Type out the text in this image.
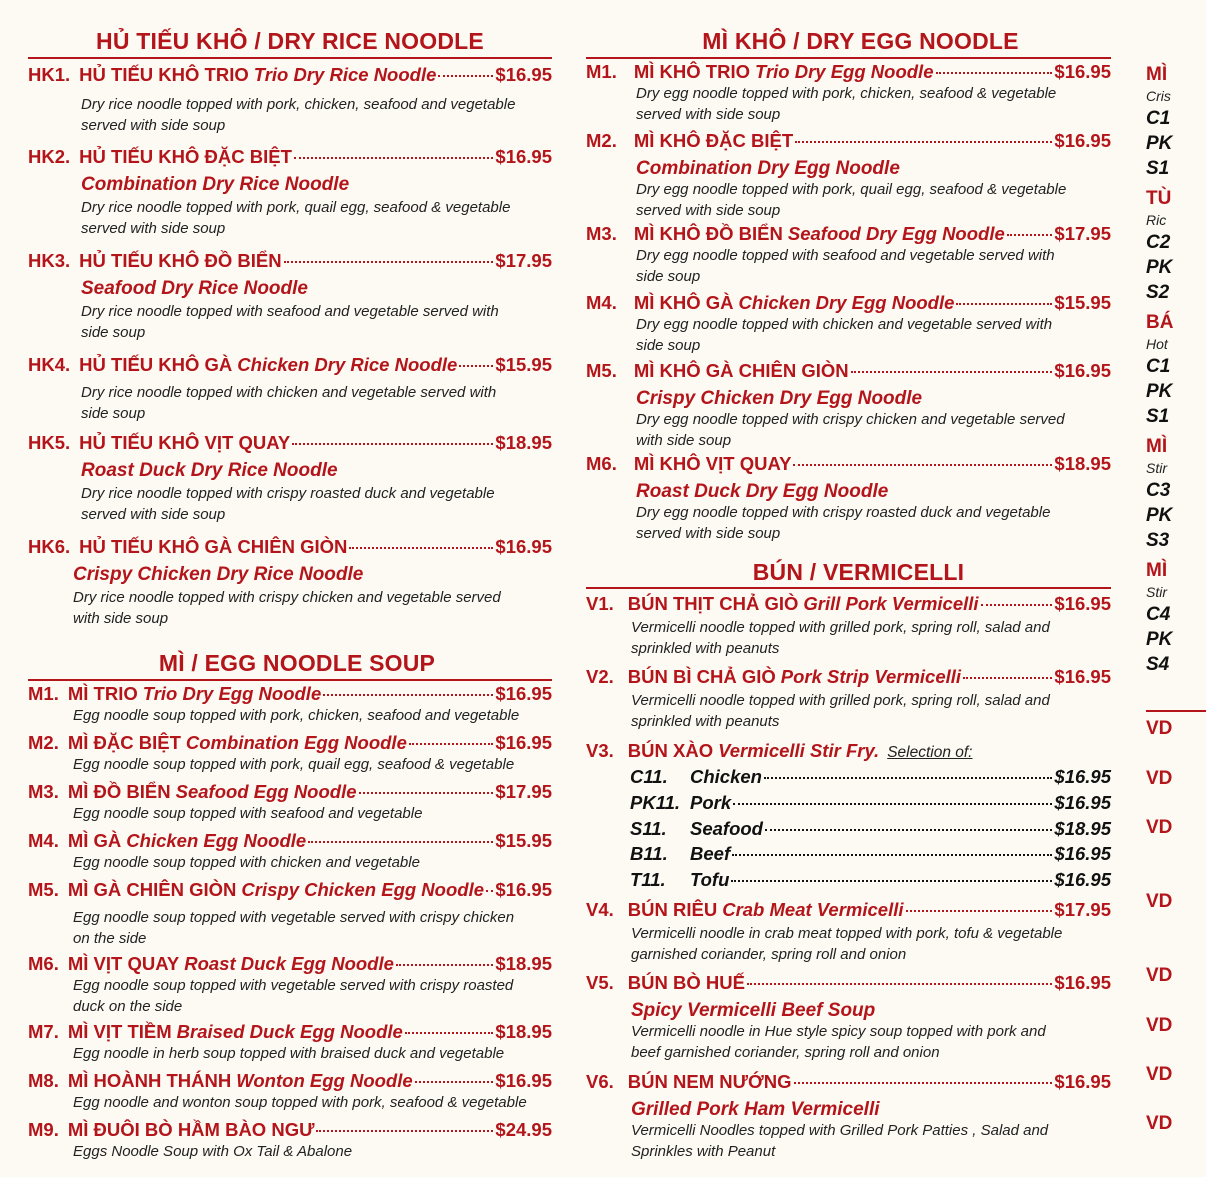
HỦ TIẾU KHÔ / DRY RICE NOODLE
HK1. HỦ TIẾU KHÔ TRIO Trio Dry Rice Noodle	$16.95
Dry rice noodle topped with pork, chicken, seafood and vegetable
served with side soup
HK2. HỦ TIẾU KHÔ ĐẶC BIỆT	$16.95
Combination Dry Rice Noodle
Dry rice noodle topped with pork, quail egg, seafood & vegetable
served with side soup
HK3. HỦ TIẾU KHÔ ĐỒ BIỂN	$17.95
Seafood Dry Rice Noodle
Dry rice noodle topped with seafood and vegetable served with
side soup
HK4. HỦ TIẾU KHÔ GÀ Chicken Dry Rice Noodle $15.95
Dry rice noodle topped with chicken and vegetable served with
side soup
HK5. HỦ TIẾU KHÔ VỊT QUAY	$18.95
Roast Duck Dry Rice Noodle
Dry rice noodle topped with crispy roasted duck and vegetable
served with side soup
HK6. HỦ TIẾU KHÔ GÀ CHIÊN GIÒN	$16.95
Crispy Chicken Dry Rice Noodle
Dry rice noodle topped with crispy chicken and vegetable served
with side soup
MÌ / EGG NOODLE SOUP
M1. MÌ TRIO Trio Dry Egg Noodle	$16.95
Egg noodle soup topped with pork, chicken, seafood and vegetable
M2. MÌ ĐẶC BIỆT Combination Egg Noodle	$16.95
Egg noodle soup topped with pork, quail egg, seafood & vegetable
M3. MÌ ĐỒ BIỂN Seafood Egg Noodle	$17.95
Egg noodle soup topped with seafood and vegetable
M4. MÌ GÀ Chicken Egg Noodle	$15.95
Egg noodle soup topped with chicken and vegetable
M5. MÌ GÀ CHIÊN GIÒN Crispy Chicken Egg Noodle $16.95
Egg noodle soup topped with vegetable served with crispy chicken
on the side
M6. MÌ VỊT QUAY Roast Duck Egg Noodle	$18.95
Egg noodle soup topped with vegetable served with crispy roasted
duck on the side
M7. MÌ VỊT TIỀM Braised Duck Egg Noodle	$18.95
Egg noodle in herb soup topped with braised duck and vegetable
M8. MÌ HOÀNH THÁNH Wonton Egg Noodle	$16.95
Egg noodle and wonton soup topped with pork, seafood & vegetable
M9. MÌ ĐUÔI BÒ HẦM BÀO NGƯ	$24.95
Eggs Noodle Soup with Ox Tail & Abalone
MÌ KHÔ / DRY EGG NOODLE
M1. MÌ KHÔ TRIO Trio Dry Egg Noodle	$16.95
Dry egg noodle topped with pork, chicken, seafood & vegetable
served with side soup
M2. MÌ KHÔ ĐẶC BIỆT	$16.95
Combination Dry Egg Noodle
Dry egg noodle topped with pork, quail egg, seafood & vegetable
served with side soup
M3. MÌ KHÔ ĐỒ BIỂN Seafood Dry Egg Noodle	$17.95
Dry egg noodle topped with seafood and vegetable served with
side soup
M4. MÌ KHÔ GÀ Chicken Dry Egg Noodle	$15.95
Dry egg noodle topped with chicken and vegetable served with
side soup
M5. MÌ KHÔ GÀ CHIÊN GIÒN	$16.95
Crispy Chicken Dry Egg Noodle
Dry egg noodle topped with crispy chicken and vegetable served
with side soup
M6. MÌ KHÔ VỊT QUAY	$18.95
Roast Duck Dry Egg Noodle
Dry egg noodle topped with crispy roasted duck and vegetable
served with side soup
BÚN / VERMICELLI
V1. BÚN THỊT CHẢ GIÒ Grill Pork Vermicelli	$16.95
Vermicelli noodle topped with grilled pork, spring roll, salad and
sprinkled with peanuts
V2. BÚN BÌ CHẢ GIÒ Pork Strip Vermicelli	$16.95
Vermicelli noodle topped with grilled pork, spring roll, salad and
sprinkled with peanuts
V3. BÚN XÀO Vermicelli Stir Fry. Selection of:
C11.	Chicken	$16.95
PK11. Pork	$16.95
S11.	Seafood	$18.95
B11.	Beef	$16.95
T11.	Tofu	$16.95
V4. BÚN RIÊU Crab Meat Vermicelli	$17.95
Vermicelli noodle in crab meat topped with pork, tofu & vegetable
garnished coriander, spring roll and onion
V5. BÚN BÒ HUẾ	$16.95
Spicy Vermicelli Beef Soup
Vermicelli noodle in Hue style spicy soup topped with pork and
beef garnished coriander, spring roll and onion
V6. BÚN NEM NƯỚNG	$16.95
Grilled Pork Ham Vermicelli
Vermicelli Noodles topped with Grilled Pork Patties , Salad and
Sprinkles with Peanut
MÌ
Cris
C1
PK
S1
TÙ
Ric
C2
PK
S2
BÁ
Hot
C1
PK
S1
MÌ
Stir
C3
PK
S3
MÌ
Stir
C4
PK
S4
VD
VD
VD
VD
VD
VD
VD
VD
